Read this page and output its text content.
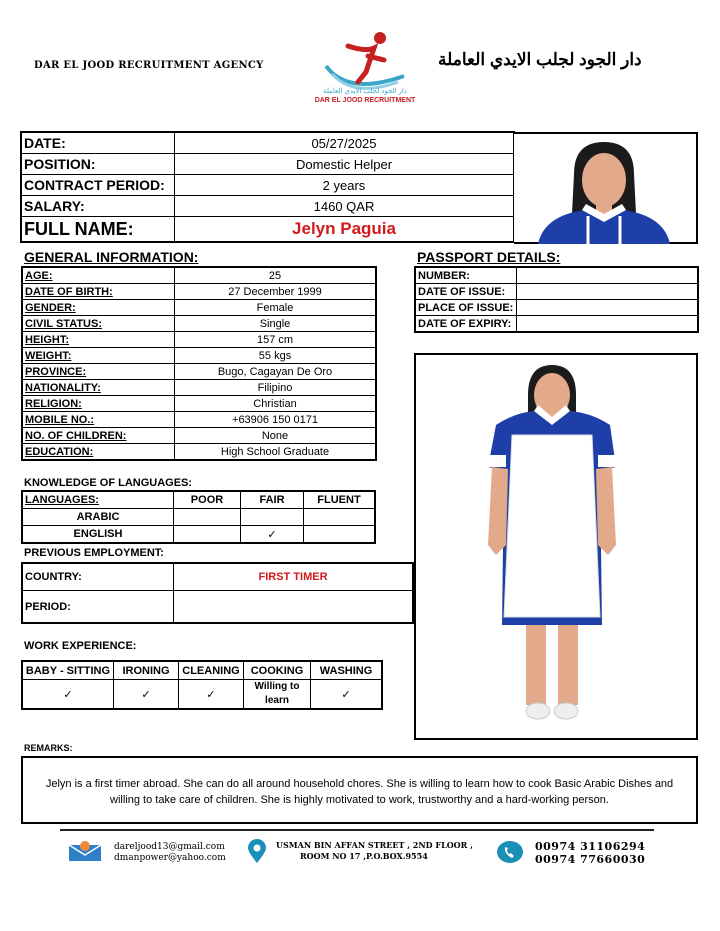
DAR EL JOOD RECRUITMENT AGENCY
دار الجود لجلب الايدي العاملة
DAR EL JOOD RECRUITMENT
دار الجود لجلب الايدي العاملة
DATE:	05/27/2025
POSITION:	Domestic Helper
CONTRACT PERIOD:	2 years
SALARY:	1460 QAR
FULL NAME:	Jelyn Paguia
GENERAL INFORMATION:	PASSPORT DETAILS:
AGE:	25
DATE OF BIRTH:	27 December 1999
GENDER:	Female
CIVIL STATUS:	Single
HEIGHT:	157 cm
WEIGHT:	55 kgs
PROVINCE:	Bugo, Cagayan De Oro
NATIONALITY:	Filipino
RELIGION:	Christian
MOBILE NO.:	+63906 150 0171
NO. OF CHILDREN:	None
EDUCATION:	High School Graduate
NUMBER:	
DATE OF ISSUE:	
PLACE OF ISSUE:	
DATE OF EXPIRY:	
KNOWLEDGE OF LANGUAGES:
LANGUAGES:	POOR	FAIR	FLUENT
ARABIC			
ENGLISH		✓	
PREVIOUS EMPLOYMENT:
COUNTRY:	FIRST TIMER
PERIOD:	
WORK EXPERIENCE:
BABY - SITTING	IRONING	CLEANING	COOKING	WASHING
✓	✓	✓	Willing to learn	✓
REMARKS:
Jelyn is a first timer abroad. She can do all around household chores. She is willing to learn how to cook Basic Arabic Dishes and willing to take care of children. She is highly motivated to work, trustworthy and a hard-working person.
dareljood13@gmail.com
dmanpower@yahoo.com
USMAN BIN AFFAN STREET , 2ND FLOOR ,
ROOM NO 17 ,P.O.BOX.9554
00974 31106294
00974 77660030
